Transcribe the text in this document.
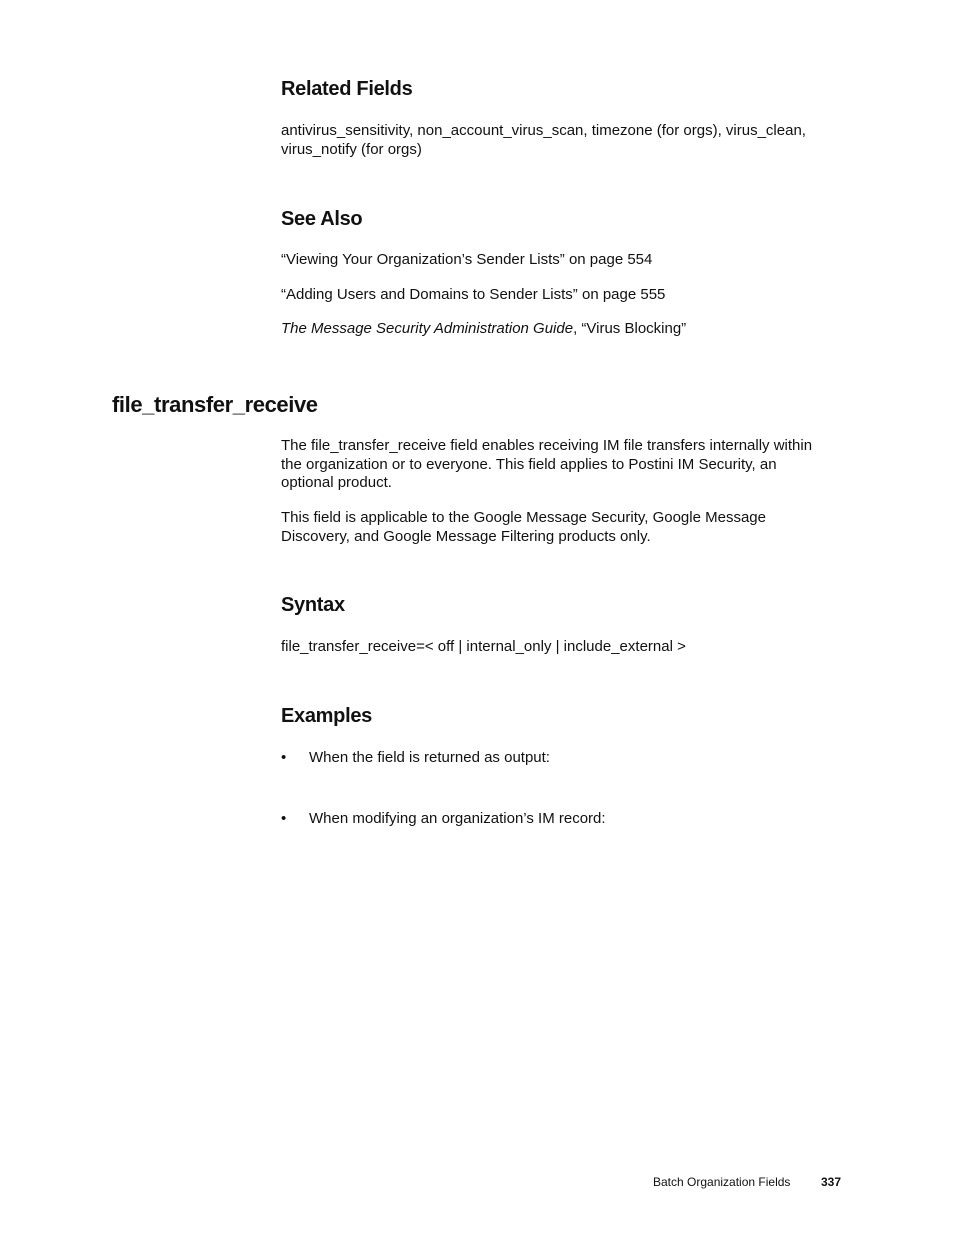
Related Fields
antivirus_sensitivity, non_account_virus_scan, timezone (for orgs), virus_clean,
virus_notify (for orgs)
See Also
“Viewing Your Organization’s Sender Lists” on page 554
“Adding Users and Domains to Sender Lists” on page 555
The Message Security Administration Guide, “Virus Blocking”
file_transfer_receive
The file_transfer_receive field enables receiving IM file transfers internally within
the organization or to everyone. This field applies to Postini IM Security, an
optional product.
This field is applicable to the Google Message Security, Google Message
Discovery, and Google Message Filtering products only.
Syntax
file_transfer_receive=< off | internal_only | include_external >
Examples
• When the field is returned as output:
• When modifying an organization’s IM record:
Batch Organization Fields	337
